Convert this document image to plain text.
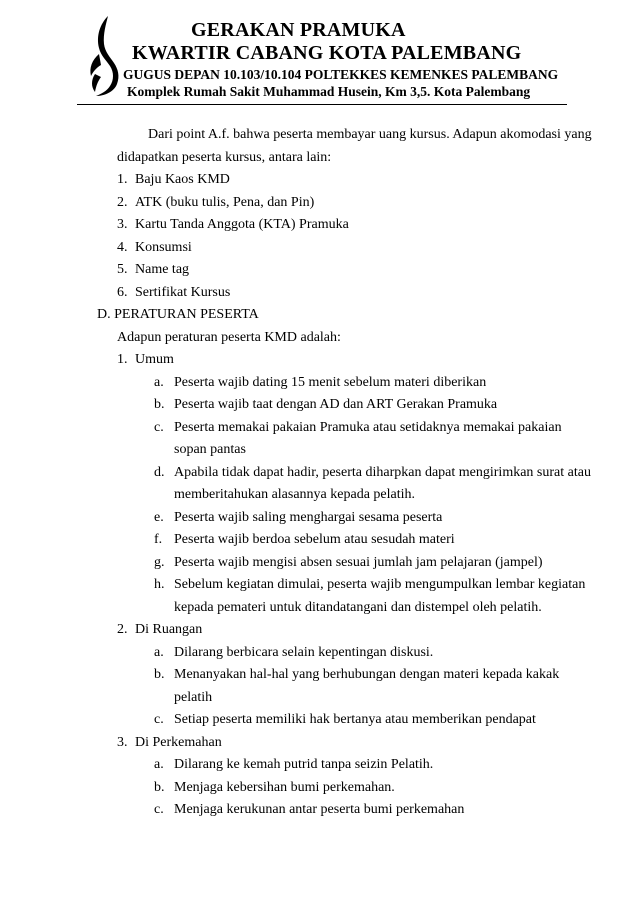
GERAKAN PRAMUKA
KWARTIR CABANG KOTA PALEMBANG
GUGUS DEPAN 10.103/10.104 POLTEKKES KEMENKES PALEMBANG
Komplek Rumah Sakit Muhammad Husein, Km 3,5. Kota Palembang
Dari point A.f. bahwa peserta membayar uang kursus. Adapun akomodasi yang
didapatkan peserta kursus, antara lain:
1. Baju Kaos KMD
2. ATK (buku tulis, Pena, dan Pin)
3. Kartu Tanda Anggota (KTA) Pramuka
4. Konsumsi
5. Name tag
6. Sertifikat Kursus
D. PERATURAN PESERTA
Adapun peraturan peserta KMD adalah:
1. Umum
a. Peserta wajib dating 15 menit sebelum materi diberikan
b. Peserta wajib taat dengan AD dan ART Gerakan Pramuka
c. Peserta memakai pakaian Pramuka atau setidaknya memakai pakaian
sopan pantas
d. Apabila tidak dapat hadir, peserta diharpkan dapat mengirimkan surat atau
memberitahukan alasannya kepada pelatih.
e. Peserta wajib saling menghargai sesama peserta
f. Peserta wajib berdoa sebelum atau sesudah materi
g. Peserta wajib mengisi absen sesuai jumlah jam pelajaran (jampel)
h. Sebelum kegiatan dimulai, peserta wajib mengumpulkan lembar kegiatan
kepada pemateri untuk ditandatangani dan distempel oleh pelatih.
2. Di Ruangan
a. Dilarang berbicara selain kepentingan diskusi.
b. Menanyakan hal-hal yang berhubungan dengan materi kepada kakak
pelatih
c. Setiap peserta memiliki hak bertanya atau memberikan pendapat
3. Di Perkemahan
a. Dilarang ke kemah putrid tanpa seizin Pelatih.
b. Menjaga kebersihan bumi perkemahan.
c. Menjaga kerukunan antar peserta bumi perkemahan
